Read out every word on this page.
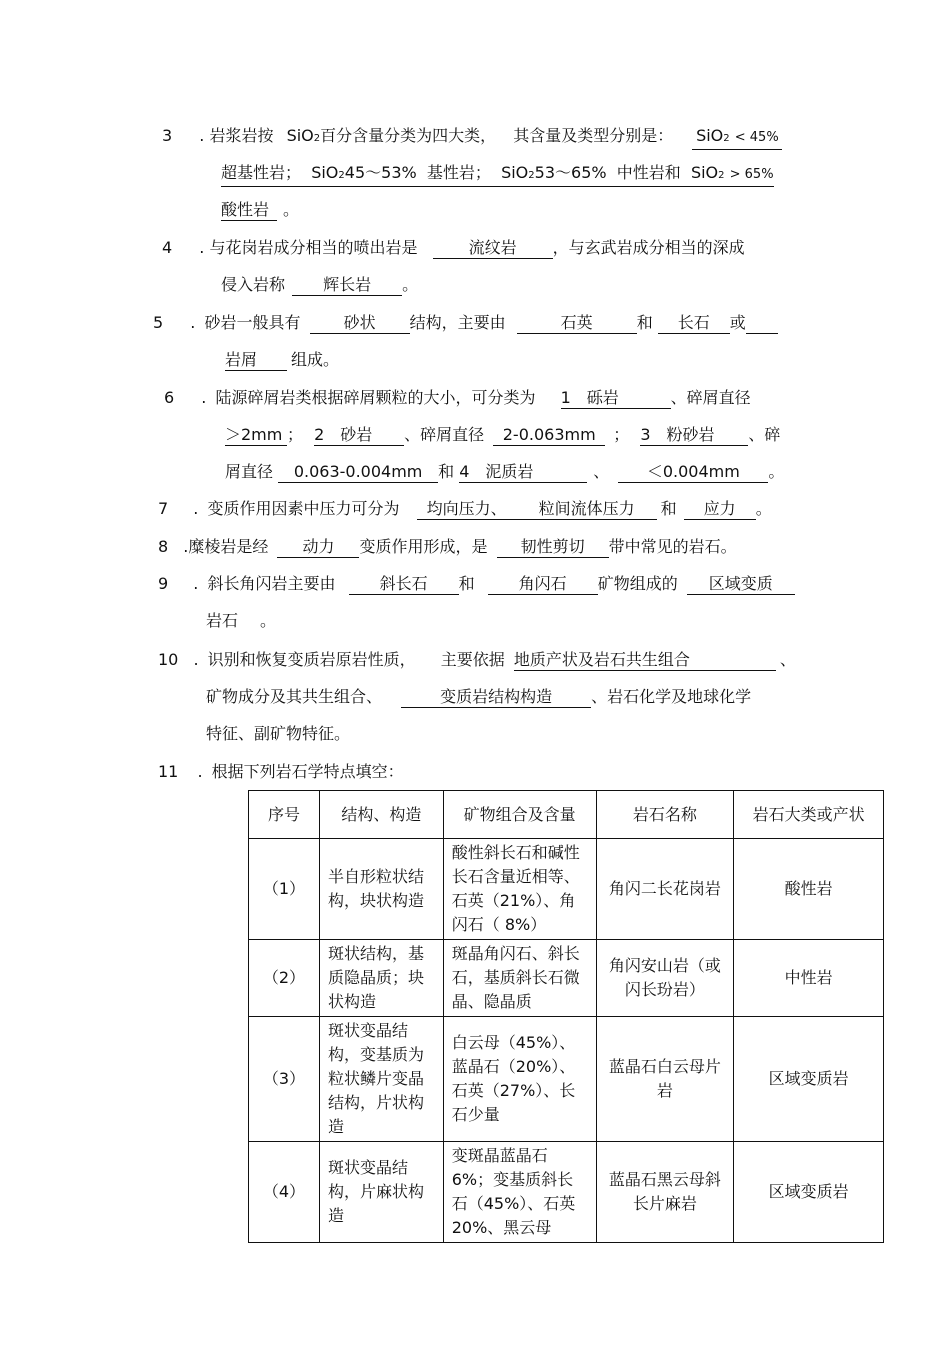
3 . 岩浆岩按 SiO2百分含量分类为四大类， 其含量及类型分别是： SiO2 < 45%
超基性岩； SiO245～53% 基性岩； SiO253～65% 中性岩和 SiO2 > 65%
酸性岩 。
4 . 与花岗岩成分相当的喷出岩是	流纹岩 ，与玄武岩成分相当的深成
侵入岩称 辉长岩 。
5 . 砂岩一般具有	砂状 结构，主要由	石英	和 长石 或
岩屑 组成。
6 . 陆源碎屑岩类根据碎屑颗粒的大小，可分类为 1　砾岩	、碎屑直径
＞2mm ； 2　砂岩 、碎屑直径 2-0.063mm ； 3　粉砂岩 、碎
屑直径 0.063-0.004mm 和 4　泥质岩	、 ＜0.004mm 。
7 . 变质作用因素中压力可分为 均向压力、 粒间流体压力 和 应力 。
8 .糜棱岩是经 动力 变质作用形成，是 韧性剪切 带中常见的岩石。
9 . 斜长角闪岩主要由	斜长石 和	角闪石 矿物组成的 区域变质
岩石 。
10 . 识别和恢复变质岩原岩性质， 主要依据 地质产状及岩石共生组合	、
矿物成分及其共生组合、	变质岩结构构造 、岩石化学及地球化学
特征、副矿物特征。
11 . 根据下列岩石学特点填空：
序号	结构、构造	矿物组合及含量	岩石名称	岩石大类或产状
（1）	半自形粒状结构，块状构造	酸性斜长石和碱性长石含量近相等、石英（21%）、角闪石（ 8%）	角闪二长花岗岩	酸性岩
（2）	斑状结构，基质隐晶质；块状构造	斑晶角闪石、斜长石，基质斜长石微晶、隐晶质	角闪安山岩（或闪长玢岩）	中性岩
（3）	斑状变晶结构，变基质为粒状鳞片变晶结构，片状构造	白云母（45%）、蓝晶石（20%）、石英（27%）、长石少量	蓝晶石白云母片岩	区域变质岩
（4）	斑状变晶结构，片麻状构造	变斑晶蓝晶石6%；变基质斜长石（45%）、石英 20%、黑云母	蓝晶石黑云母斜长片麻岩	区域变质岩
